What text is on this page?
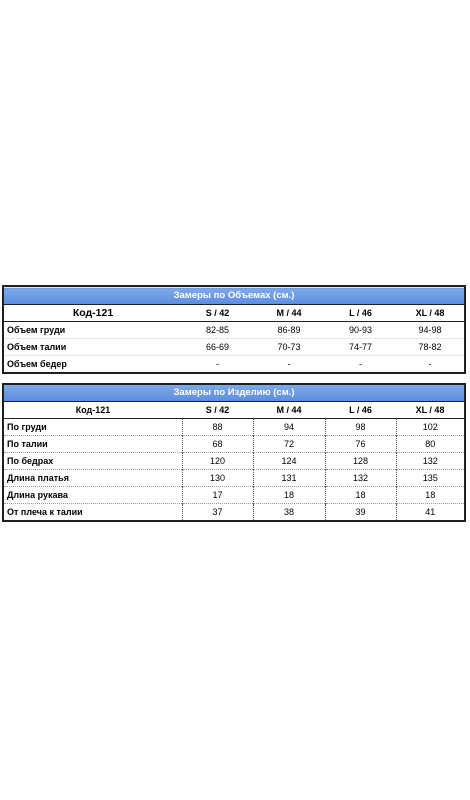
Замеры по Объемах (см.)				
Код-121	S / 42	M / 44	L / 46	XL / 48
Объем груди	82-85	86-89	90-93	94-98
Объем талии	66-69	70-73	74-77	78-82
Объем бедер	-	-	-	-
Замеры по Изделию (см.)				
Код-121	S / 42	M / 44	L / 46	XL / 48
По груди	88	94	98	102
По талии	68	72	76	80
По бедрах	120	124	128	132
Длина платья	130	131	132	135
Длина рукава	17	18	18	18
От плеча к талии	37	38	39	41
